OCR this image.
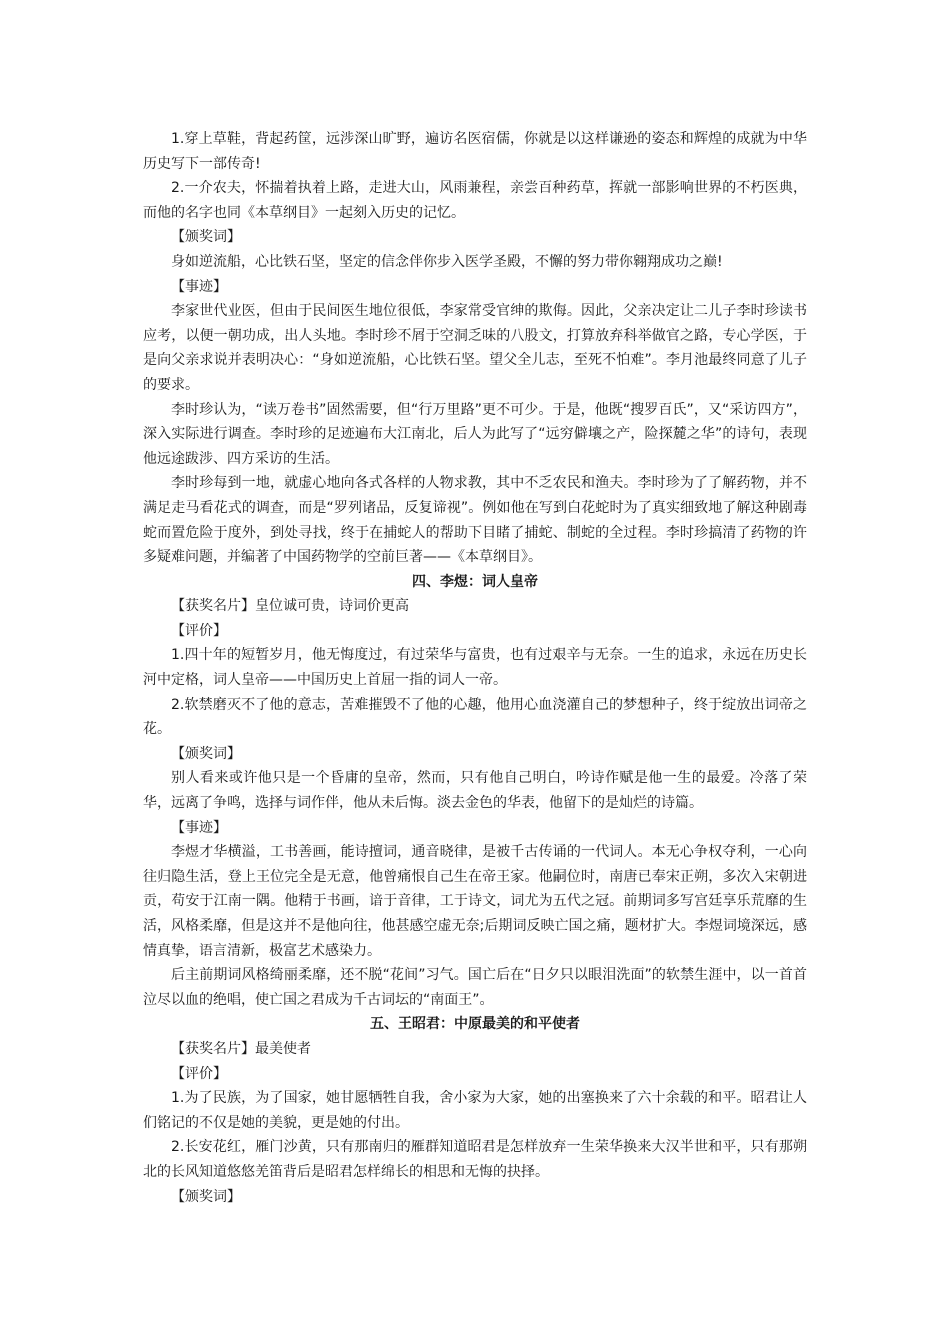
1.穿上草鞋，背起药筐，远涉深山旷野，遍访名医宿儒，你就是以这样谦逊的姿态和辉煌的成就为中华历史写下一部传奇!

2.一介农夫，怀揣着执着上路，走进大山，风雨兼程，亲尝百种药草，挥就一部影响世界的不朽医典，而他的名字也同《本草纲目》一起刻入历史的记忆。

【颁奖词】

身如逆流船，心比铁石坚，坚定的信念伴你步入医学圣殿，不懈的努力带你翱翔成功之巅!

【事迹】

李家世代业医，但由于民间医生地位很低，李家常受官绅的欺侮。因此，父亲决定让二儿子李时珍读书应考，以便一朝功成，出人头地。李时珍不屑于空洞乏味的八股文，打算放弃科举做官之路，专心学医，于是向父亲求说并表明决心：“身如逆流船，心比铁石坚。望父全儿志，至死不怕难”。李月池最终同意了儿子的要求。

李时珍认为，“读万卷书”固然需要，但“行万里路”更不可少。于是，他既“搜罗百氏”，又“采访四方”，深入实际进行调查。李时珍的足迹遍布大江南北，后人为此写了“远穷僻壤之产，险探麓之华”的诗句，表现他远途跋涉、四方采访的生活。

李时珍每到一地，就虚心地向各式各样的人物求教，其中不乏农民和渔夫。李时珍为了了解药物，并不满足走马看花式的调查，而是“罗列诸品，反复谛视”。例如他在写到白花蛇时为了真实细致地了解这种剧毒蛇而置危险于度外，到处寻找，终于在捕蛇人的帮助下目睹了捕蛇、制蛇的全过程。李时珍搞清了药物的许多疑难问题，并编著了中国药物学的空前巨著——《本草纲目》。

四、李煜：词人皇帝

【获奖名片】皇位诚可贵，诗词价更高

【评价】

1.四十年的短暂岁月，他无悔度过，有过荣华与富贵，也有过艰辛与无奈。一生的追求，永远在历史长河中定格，词人皇帝——中国历史上首屈一指的词人一帝。

2.软禁磨灭不了他的意志，苦难摧毁不了他的心趣，他用心血浇灌自己的梦想种子，终于绽放出词帝之花。

【颁奖词】

别人看来或许他只是一个昏庸的皇帝，然而，只有他自己明白，吟诗作赋是他一生的最爱。冷落了荣华，远离了争鸣，选择与词作伴，他从未后悔。淡去金色的华表，他留下的是灿烂的诗篇。

【事迹】

李煜才华横溢，工书善画，能诗擅词，通音晓律，是被千古传诵的一代词人。本无心争权夺利，一心向往归隐生活，登上王位完全是无意，他曾痛恨自己生在帝王家。他嗣位时，南唐已奉宋正朔，多次入宋朝进贡，苟安于江南一隅。他精于书画，谙于音律，工于诗文，词尤为五代之冠。前期词多写宫廷享乐荒靡的生活，风格柔靡，但是这并不是他向往，他甚感空虚无奈;后期词反映亡国之痛，题材扩大。李煜词境深远，感情真挚，语言清新，极富艺术感染力。

后主前期词风格绮丽柔靡，还不脱“花间”习气。国亡后在“日夕只以眼泪洗面”的软禁生涯中，以一首首泣尽以血的绝唱，使亡国之君成为千古词坛的“南面王”。

五、王昭君：中原最美的和平使者

【获奖名片】最美使者

【评价】

1.为了民族，为了国家，她甘愿牺牲自我，舍小家为大家，她的出塞换来了六十余载的和平。昭君让人们铭记的不仅是她的美貌，更是她的付出。

2.长安花红，雁门沙黄，只有那南归的雁群知道昭君是怎样放弃一生荣华换来大汉半世和平，只有那朔北的长风知道悠悠羌笛背后是昭君怎样绵长的相思和无悔的抉择。

【颁奖词】
